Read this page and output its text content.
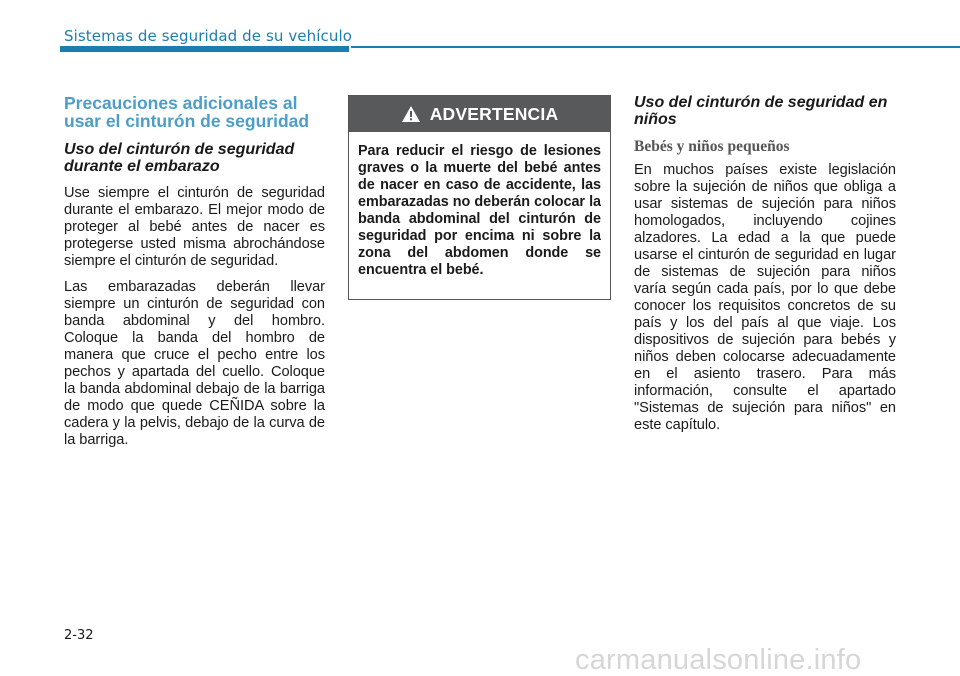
Sistemas de seguridad de su vehículo
Precauciones adicionales al usar el cinturón de seguridad
Uso del cinturón de seguridad durante el embarazo

Use siempre el cinturón de seguridad durante el embarazo. El mejor modo de proteger al bebé antes de nacer es protegerse usted misma abrochándose siempre el cinturón de seguridad.

Las embarazadas deberán llevar siempre un cinturón de seguridad con banda abdominal y del hombro. Coloque la banda del hombro de manera que cruce el pecho entre los pechos y apartada del cuello. Coloque la banda abdominal debajo de la barriga de modo que quede CEÑIDA sobre la cadera y la pelvis, debajo de la curva de la barriga.

ADVERTENCIA

Para reducir el riesgo de lesiones graves o la muerte del bebé antes de nacer en caso de accidente, las embarazadas no deberán colocar la banda abdominal del cinturón de seguridad por encima ni sobre la zona del abdomen donde se encuentra el bebé.

Uso del cinturón de seguridad en niños
Bebés y niños pequeños

En muchos países existe legislación sobre la sujeción de niños que obliga a usar sistemas de sujeción para niños homologados, incluyendo cojines alzadores. La edad a la que puede usarse el cinturón de seguridad en lugar de sistemas de sujeción para niños varía según cada país, por lo que debe conocer los requisitos concretos de su país y los del país al que viaje. Los dispositivos de sujeción para bebés y niños deben colocarse adecuadamente en el asiento trasero. Para más información, consulte el apartado "Sistemas de sujeción para niños" en este capítulo.

2-32
carmanualsonline.info
